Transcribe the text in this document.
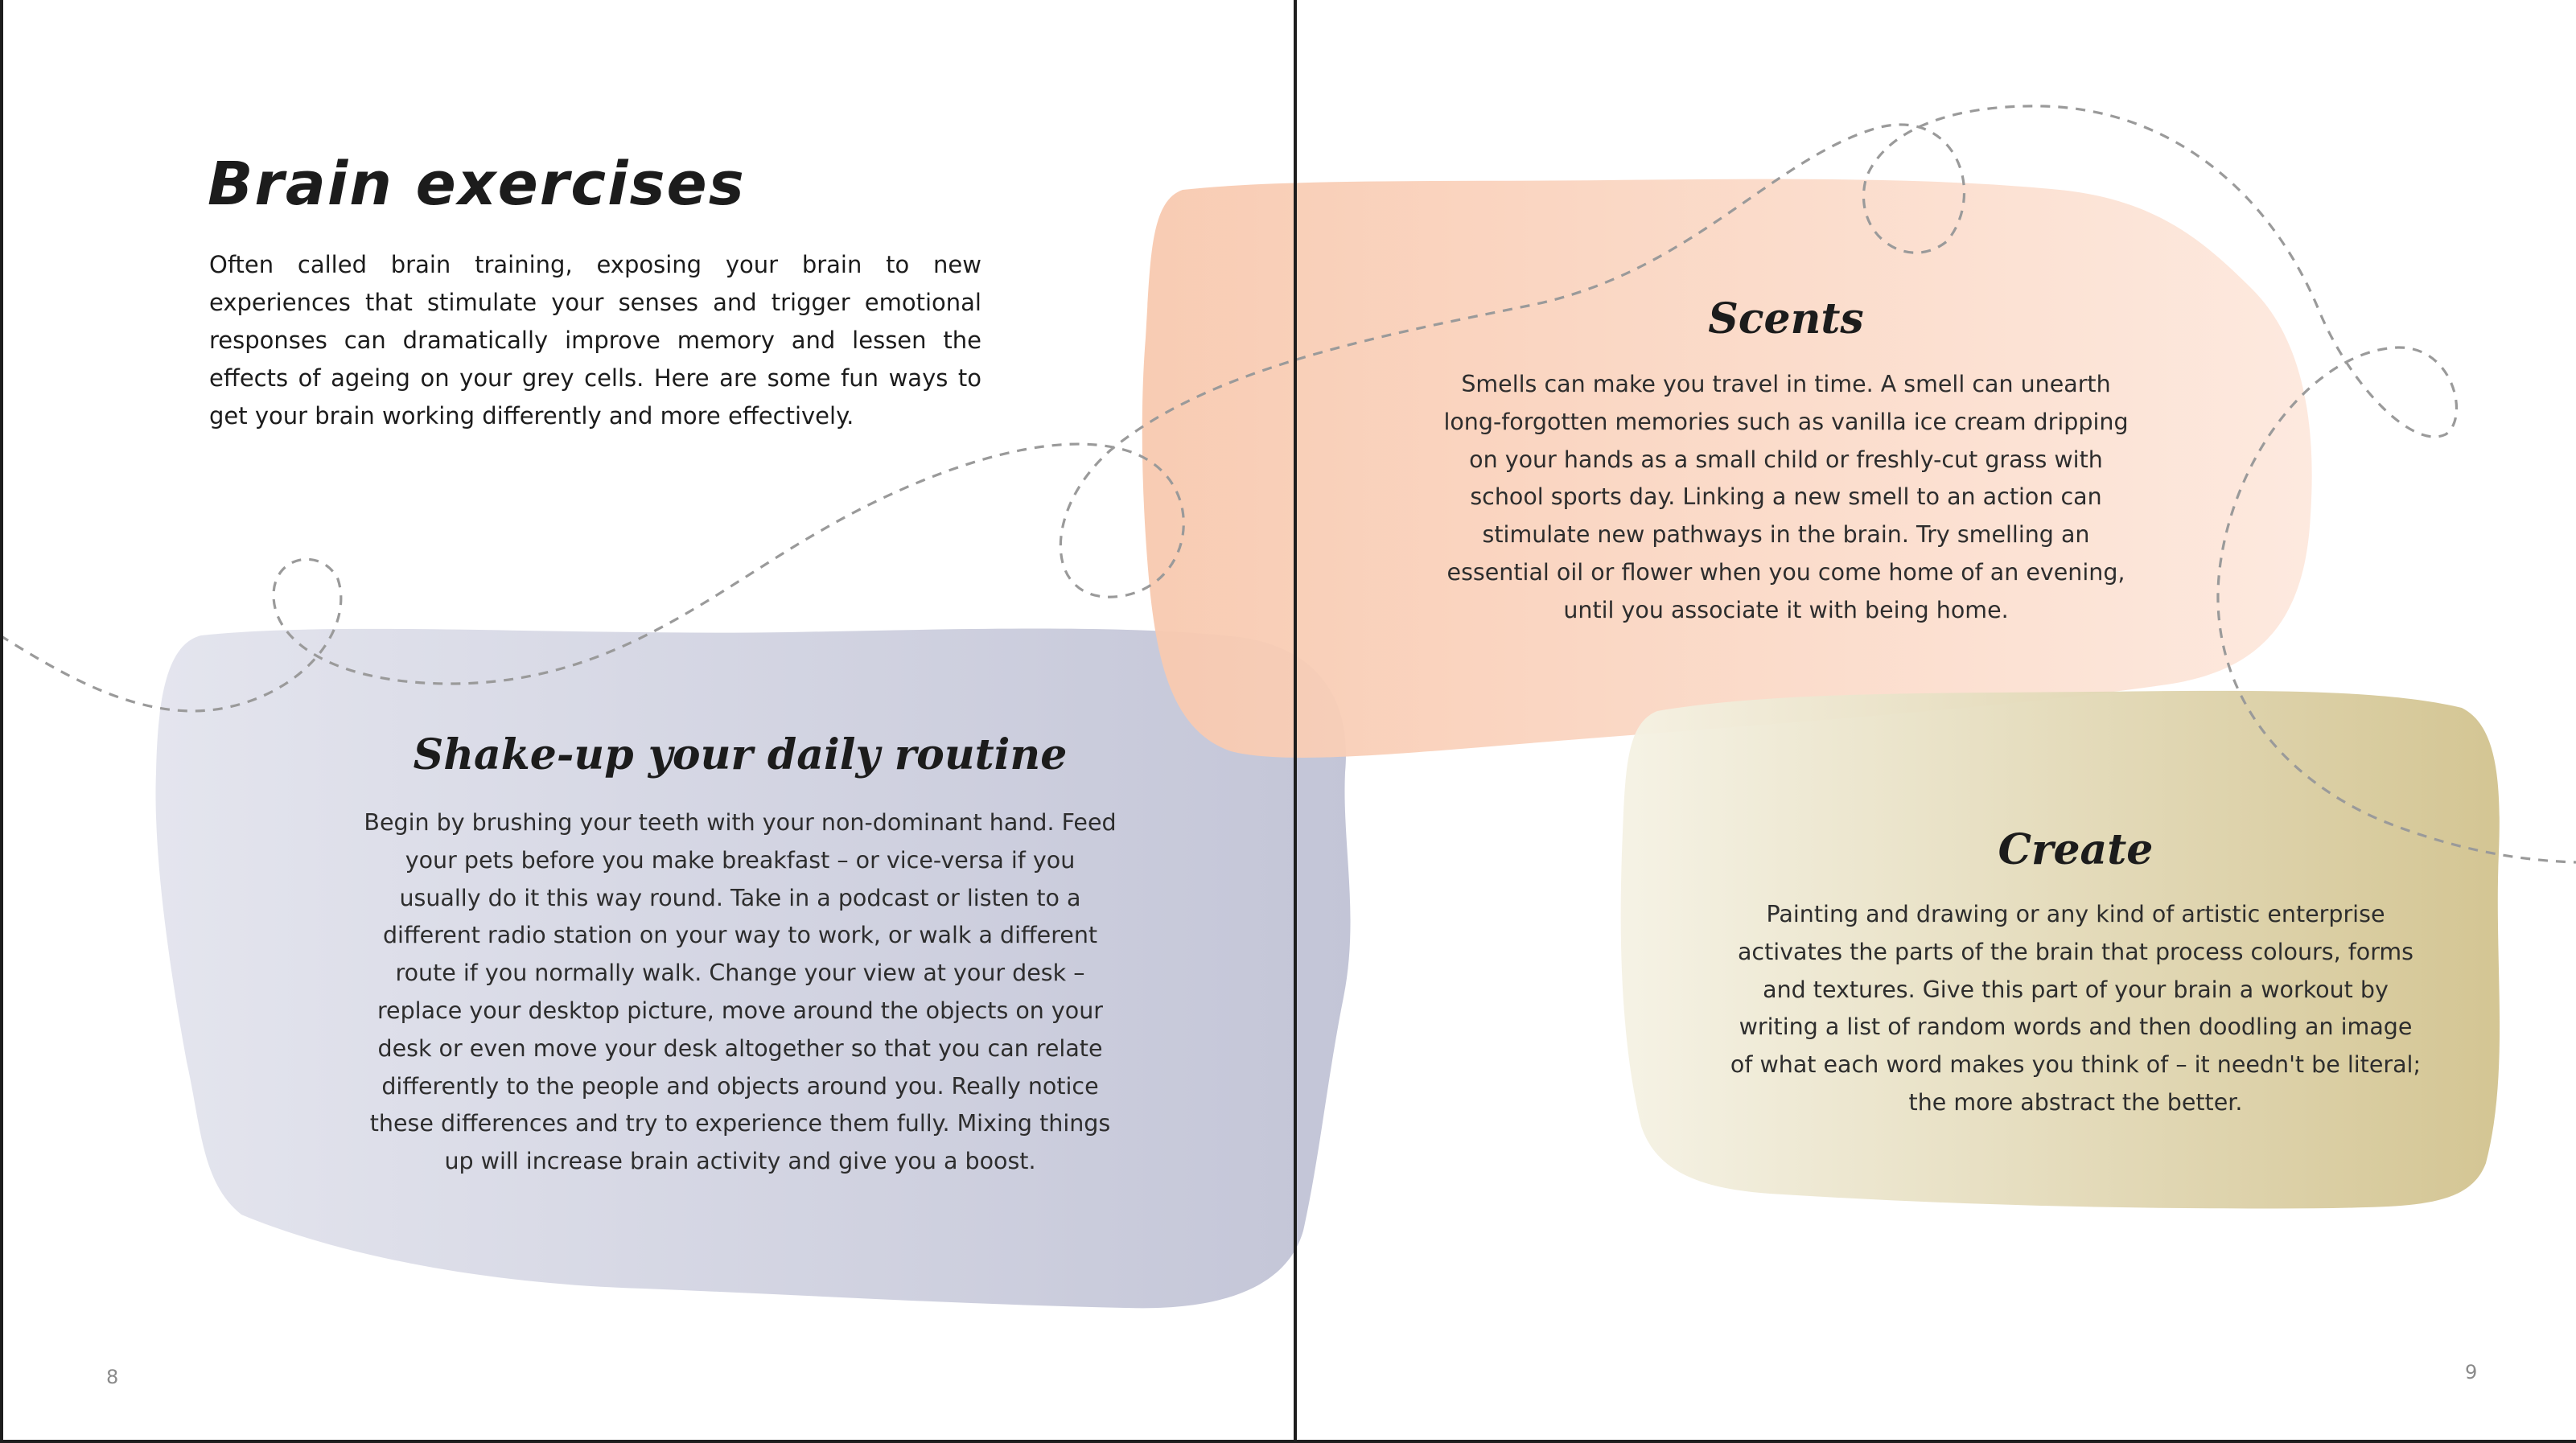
Brain exercises

Often called brain training, exposing your brain to new experiences that stimulate your senses and trigger emotional responses can dramatically improve memory and lessen the effects of ageing on your grey cells. Here are some fun ways to get your brain working differently and more effectively.

Shake-up your daily routine

Begin by brushing your teeth with your non-dominant hand. Feed your pets before you make breakfast – or vice-versa if you usually do it this way round. Take in a podcast or listen to a different radio station on your way to work, or walk a different route if you normally walk. Change your view at your desk – replace your desktop picture, move around the objects on your desk or even move your desk altogether so that you can relate differently to the people and objects around you. Really notice these differences and try to experience them fully. Mixing things up will increase brain activity and give you a boost.

Scents

Smells can make you travel in time. A smell can unearth long-forgotten memories such as vanilla ice cream dripping on your hands as a small child or freshly-cut grass with school sports day. Linking a new smell to an action can stimulate new pathways in the brain. Try smelling an essential oil or flower when you come home of an evening, until you associate it with being home.

Create

Painting and drawing or any kind of artistic enterprise activates the parts of the brain that process colours, forms and textures. Give this part of your brain a workout by writing a list of random words and then doodling an image of what each word makes you think of – it needn't be literal; the more abstract the better.

8	9
